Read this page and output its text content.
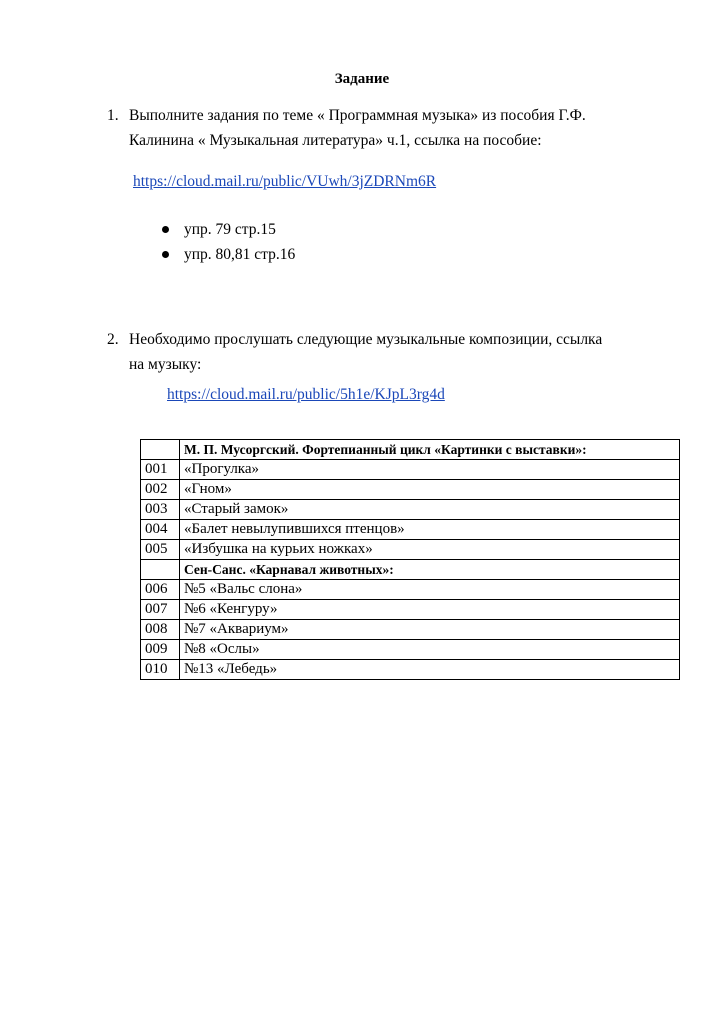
Задание
1. Выполните задания по теме « Программная музыка» из пособия Г.Ф.
Калинина « Музыкальная литература» ч.1, ссылка на пособие:
https://cloud.mail.ru/public/VUwh/3jZDRNm6R
упр. 79 стр.15
упр. 80,81 стр.16
2. Необходимо прослушать следующие музыкальные композиции, ссылка
на музыку:
https://cloud.mail.ru/public/5h1e/KJpL3rg4d
	М. П. Мусоргский. Фортепианный цикл «Картинки с выставки»:
001	«Прогулка»
002	«Гном»
003	«Старый замок»
004	«Балет невылупившихся птенцов»
005	«Избушка на курьих ножках»
	Сен-Санс. «Карнавал животных»:
006	№5 «Вальс слона»
007	№6 «Кенгуру»
008	№7 «Аквариум»
009	№8 «Ослы»
010	№13 «Лебедь»
